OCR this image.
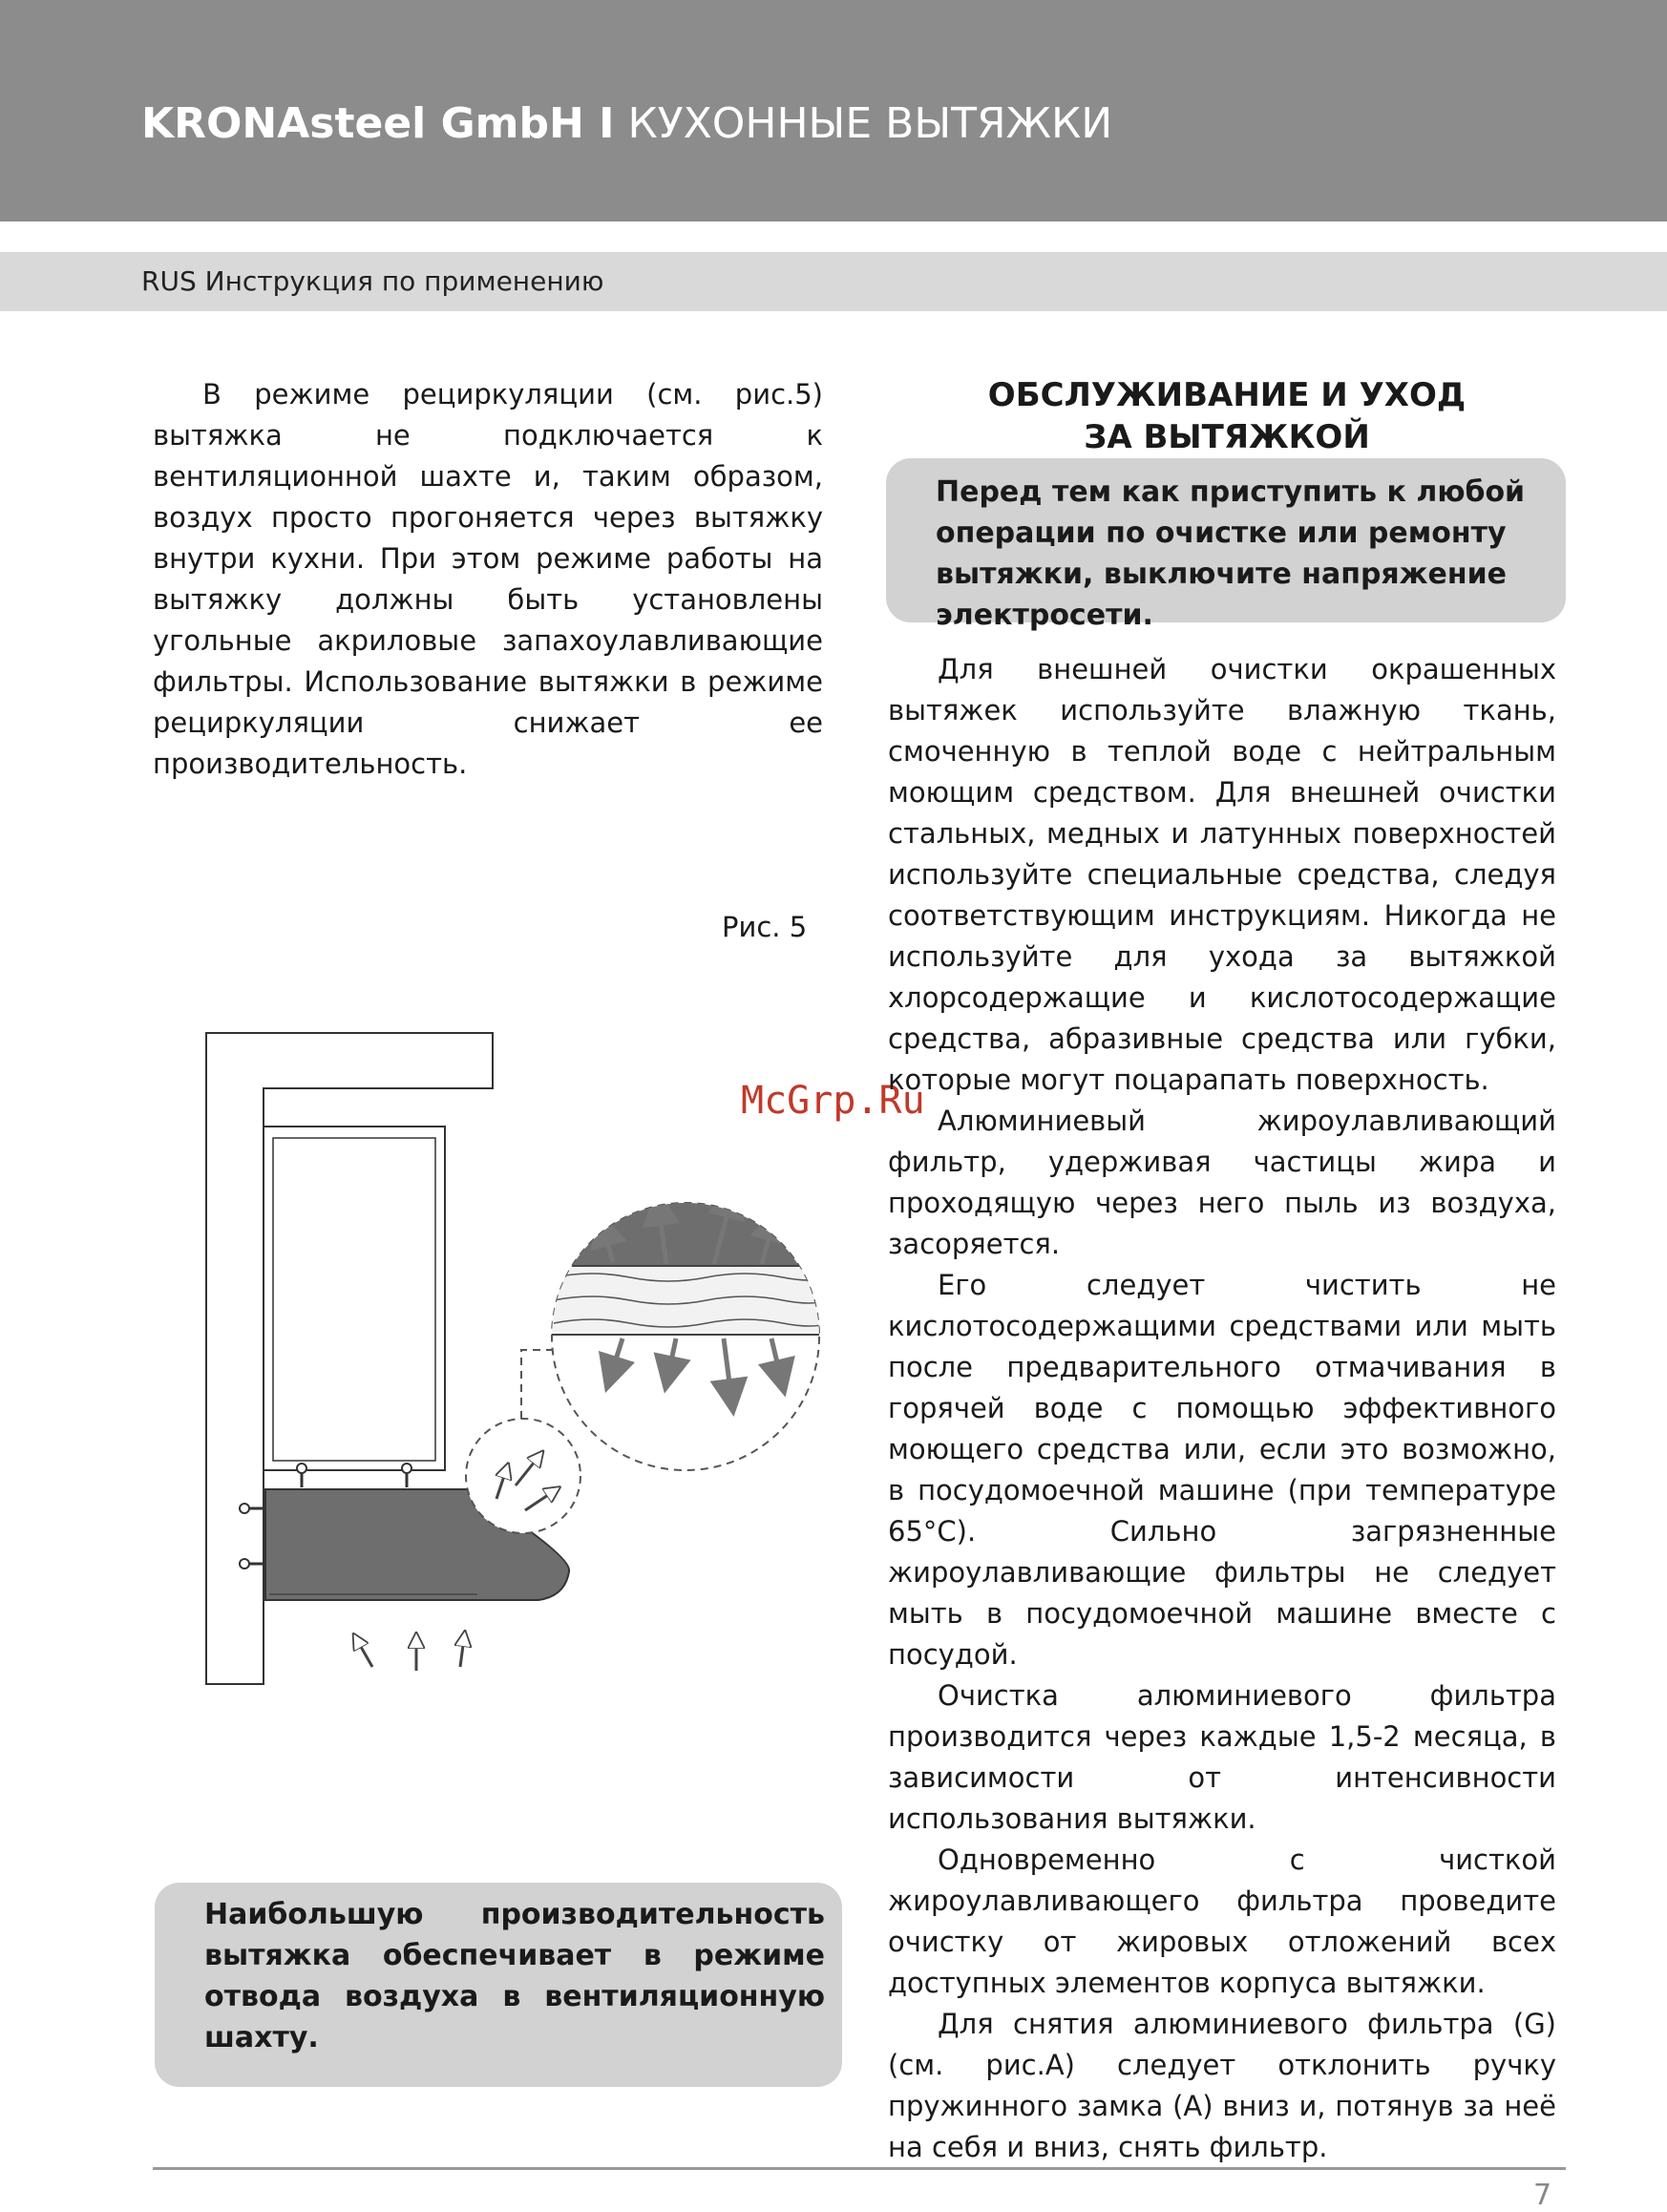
KRONAsteel GmbH I КУХОННЫЕ ВЫТЯЖКИ
RUS Инструкция по применению

В режиме рециркуляции (см. рис.5) вытяжка не подключается к вентиляционной шахте и, таким образом, воздух просто прогоняется через вытяжку внутри кухни. При этом режиме работы на вытяжку должны быть установлены угольные акриловые запахоулавливающие фильтры. Использование вытяжки в режиме рециркуляции снижает ее производительность.

Рис. 5
McGrp.Ru

Наибольшую производительность вытяжка обеспечивает в режиме отвода воздуха в вентиляционную шахту.

ОБСЛУЖИВАНИЕ И УХОД
ЗА ВЫТЯЖКОЙ

Перед тем как приступить к любой операции по очистке или ремонту вытяжки, выключите напряжение электросети.

Для внешней очистки окрашенных вытяжек используйте влажную ткань, смоченную в теплой воде с нейтральным моющим средством. Для внешней очистки стальных, медных и латунных поверхностей используйте специальные средства, следуя соответствующим инструкциям. Никогда не используйте для ухода за вытяжкой хлорсодержащие и кислотосодержащие средства, абразивные средства или губки, которые могут поцарапать поверхность.

Алюминиевый жироулавливающий фильтр, удерживая частицы жира и проходящую через него пыль из воздуха, засоряется.

Его следует чистить не кислотосодержащими средствами или мыть после предварительного отмачивания в горячей воде с помощью эффективного моющего средства или, если это возможно, в посудомоечной машине (при температуре 65°С). Сильно загрязненные жироулавливающие фильтры не следует мыть в посудомоечной машине вместе с посудой.

Очистка алюминиевого фильтра производится через каждые 1,5-2 месяца, в зависимости от интенсивности использования вытяжки.

Одновременно с чисткой жироулавливающего фильтра проведите очистку от жировых отложений всех доступных элементов корпуса вытяжки.

Для снятия алюминиевого фильтра (G) (см. рис.А) следует отклонить ручку пружинного замка (А) вниз и, потянув за неё на себя и вниз, снять фильтр.

7
